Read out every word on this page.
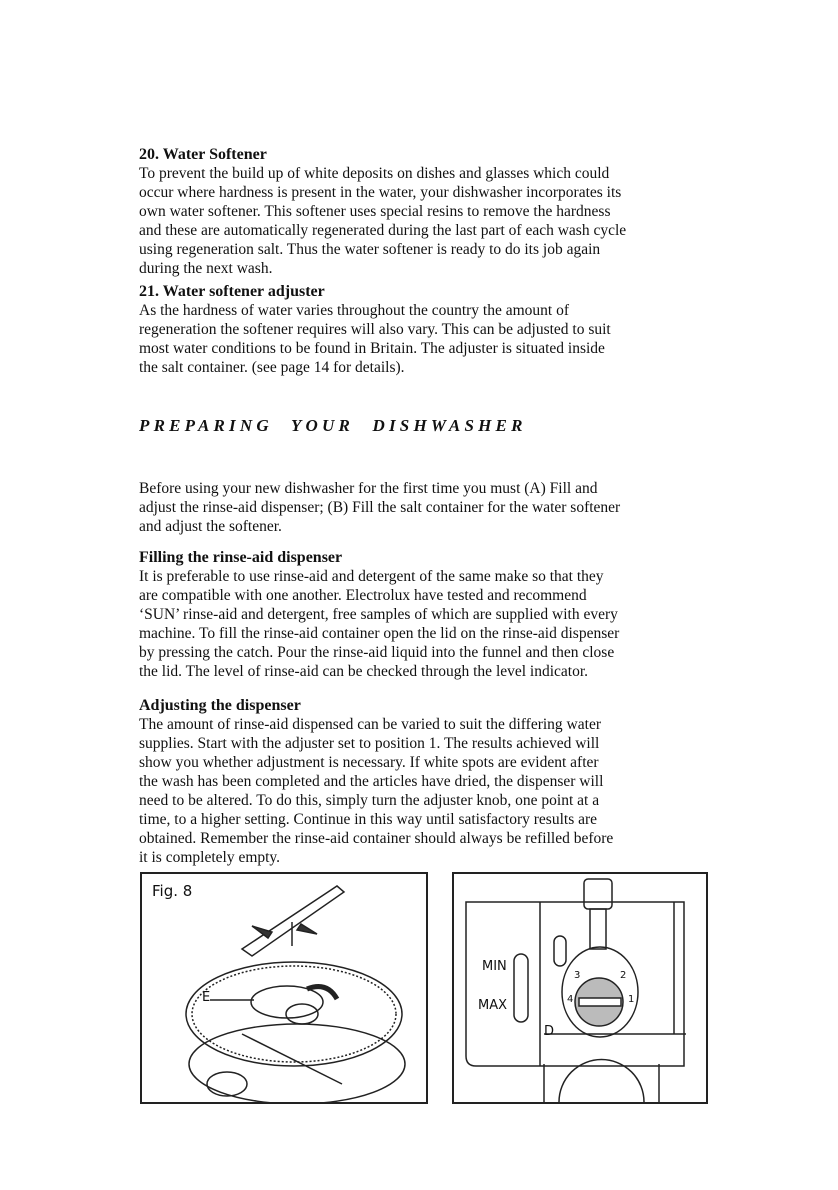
20. Water Softener
To prevent the build up of white deposits on dishes and glasses which could
occur where hardness is present in the water, your dishwasher incorporates its
own water softener. This softener uses special resins to remove the hardness
and these are automatically regenerated during the last part of each wash cycle
using regeneration salt. Thus the water softener is ready to do its job again
during the next wash.
21. Water softener adjuster
As the hardness of water varies throughout the country the amount of
regeneration the softener requires will also vary. This can be adjusted to suit
most water conditions to be found in Britain. The adjuster is situated inside
the salt container. (see page 14 for details).
PREPARING YOUR DISHWASHER
Before using your new dishwasher for the first time you must (A) Fill and
adjust the rinse-aid dispenser; (B) Fill the salt container for the water softener
and adjust the softener.
Filling the rinse-aid dispenser
It is preferable to use rinse-aid and detergent of the same make so that they
are compatible with one another. Electrolux have tested and recommend
‘SUN’ rinse-aid and detergent, free samples of which are supplied with every
machine. To fill the rinse-aid container open the lid on the rinse-aid dispenser
by pressing the catch. Pour the rinse-aid liquid into the funnel and then close
the lid. The level of rinse-aid can be checked through the level indicator.
Adjusting the dispenser
The amount of rinse-aid dispensed can be varied to suit the differing water
supplies. Start with the adjuster set to position 1. The results achieved will
show you whether adjustment is necessary. If white spots are evident after
the wash has been completed and the articles have dried, the dispenser will
need to be altered. To do this, simply turn the adjuster knob, one point at a
time, to a higher setting. Continue in this way until satisfactory results are
obtained. Remember the rinse-aid container should always be refilled before
it is completely empty.
Fig. 8
E
MIN
MAX
D
1
2
3
4
